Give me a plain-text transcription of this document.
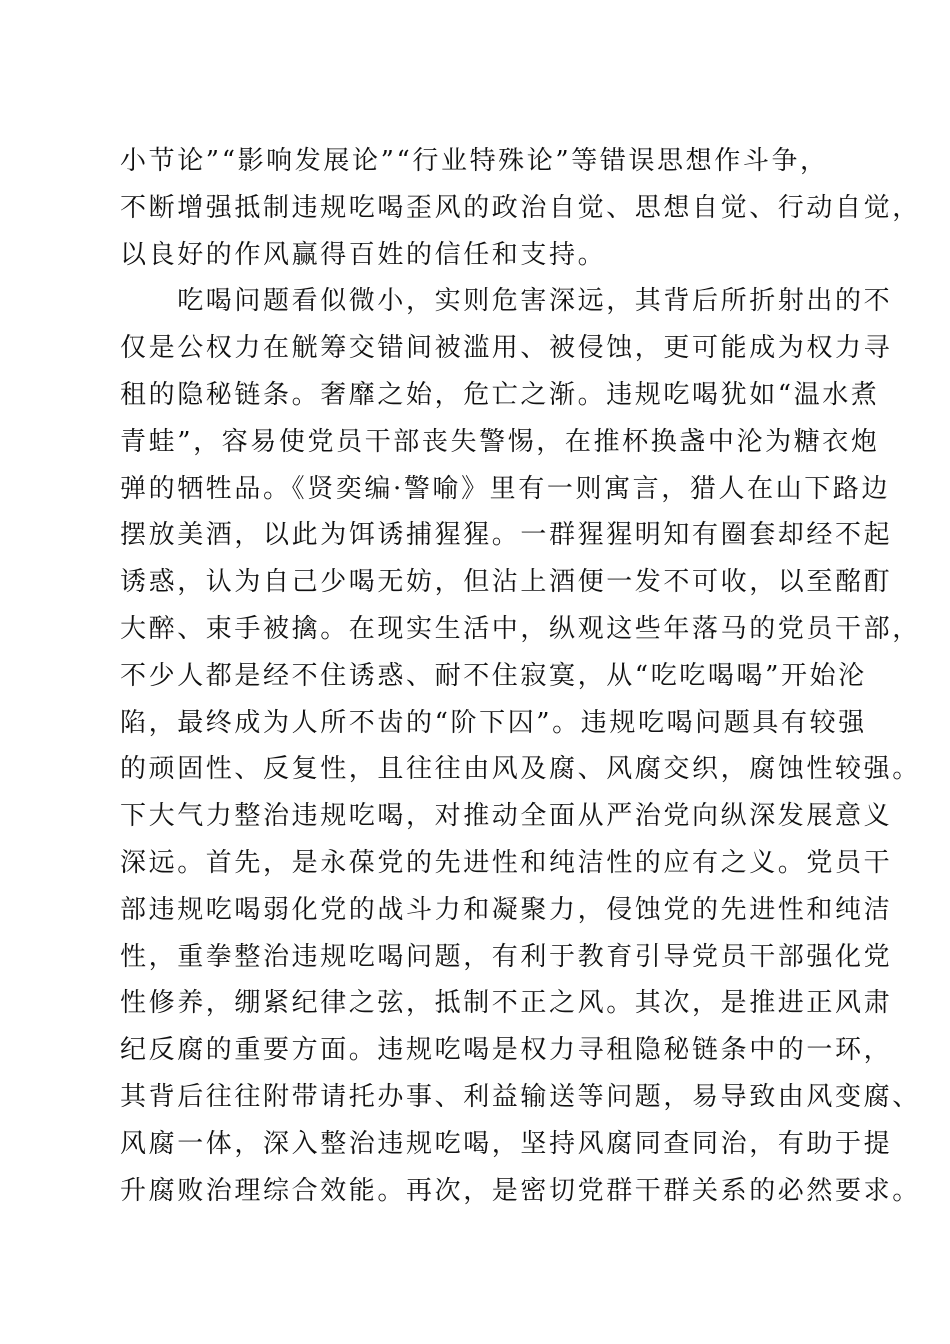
小节论”“影响发展论”“行业特殊论”等错误思想作斗争，
不断增强抵制违规吃喝歪风的政治自觉、思想自觉、行动自觉，
以良好的作风赢得百姓的信任和支持。
　　吃喝问题看似微小，实则危害深远，其背后所折射出的不
仅是公权力在觥筹交错间被滥用、被侵蚀，更可能成为权力寻
租的隐秘链条。奢靡之始，危亡之渐。违规吃喝犹如“温水煮
青蛙”，容易使党员干部丧失警惕，在推杯换盏中沦为糖衣炮
弹的牺牲品。《贤奕编·警喻》里有一则寓言，猎人在山下路边
摆放美酒，以此为饵诱捕猩猩。一群猩猩明知有圈套却经不起
诱惑，认为自己少喝无妨，但沾上酒便一发不可收，以至酩酊
大醉、束手被擒。在现实生活中，纵观这些年落马的党员干部，
不少人都是经不住诱惑、耐不住寂寞，从“吃吃喝喝”开始沦
陷，最终成为人所不齿的“阶下囚”。违规吃喝问题具有较强
的顽固性、反复性，且往往由风及腐、风腐交织，腐蚀性较强。
下大气力整治违规吃喝，对推动全面从严治党向纵深发展意义
深远。首先，是永葆党的先进性和纯洁性的应有之义。党员干
部违规吃喝弱化党的战斗力和凝聚力，侵蚀党的先进性和纯洁
性，重拳整治违规吃喝问题，有利于教育引导党员干部强化党
性修养，绷紧纪律之弦，抵制不正之风。其次，是推进正风肃
纪反腐的重要方面。违规吃喝是权力寻租隐秘链条中的一环，
其背后往往附带请托办事、利益输送等问题，易导致由风变腐、
风腐一体，深入整治违规吃喝，坚持风腐同查同治，有助于提
升腐败治理综合效能。再次，是密切党群干群关系的必然要求。
